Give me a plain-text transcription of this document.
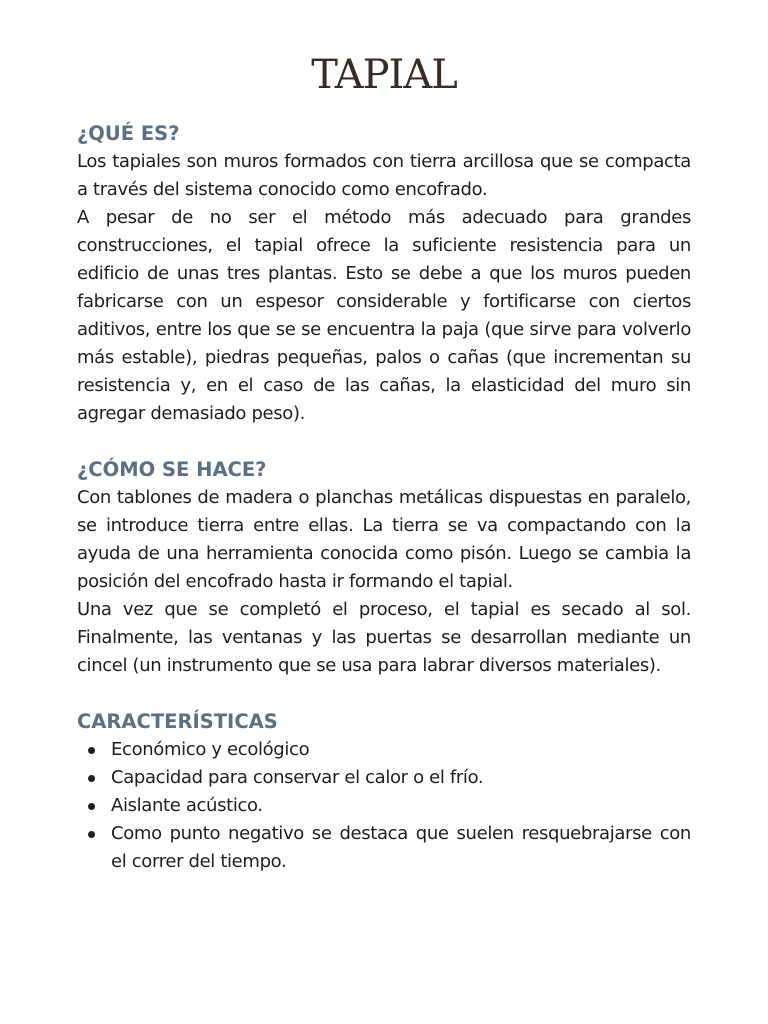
TAPIAL
¿QUÉ ES?

Los tapiales son muros formados con tierra arcillosa que se compacta a través del sistema conocido como encofrado.

A pesar de no ser el método más adecuado para grandes construcciones, el tapial ofrece la suficiente resistencia para un edificio de unas tres plantas. Esto se debe a que los muros pueden fabricarse con un espesor considerable y fortificarse con ciertos aditivos, entre los que se se encuentra la paja (que sirve para volverlo más estable), piedras pequeñas, palos o cañas (que incrementan su resistencia y, en el caso de las cañas, la elasticidad del muro sin agregar demasiado peso).

¿CÓMO SE HACE?

Con tablones de madera o planchas metálicas dispuestas en paralelo, se introduce tierra entre ellas. La tierra se va compactando con la ayuda de una herramienta conocida como pisón. Luego se cambia la posición del encofrado hasta ir formando el tapial.

Una vez que se completó el proceso, el tapial es secado al sol. Finalmente, las ventanas y las puertas se desarrollan mediante un cincel (un instrumento que se usa para labrar diversos materiales).

CARACTERÍSTICAS
Económico y ecológico
Capacidad para conservar el calor o el frío.
Aislante acústico.
Como punto negativo se destaca que suelen resquebrajarse con el correr del tiempo.
